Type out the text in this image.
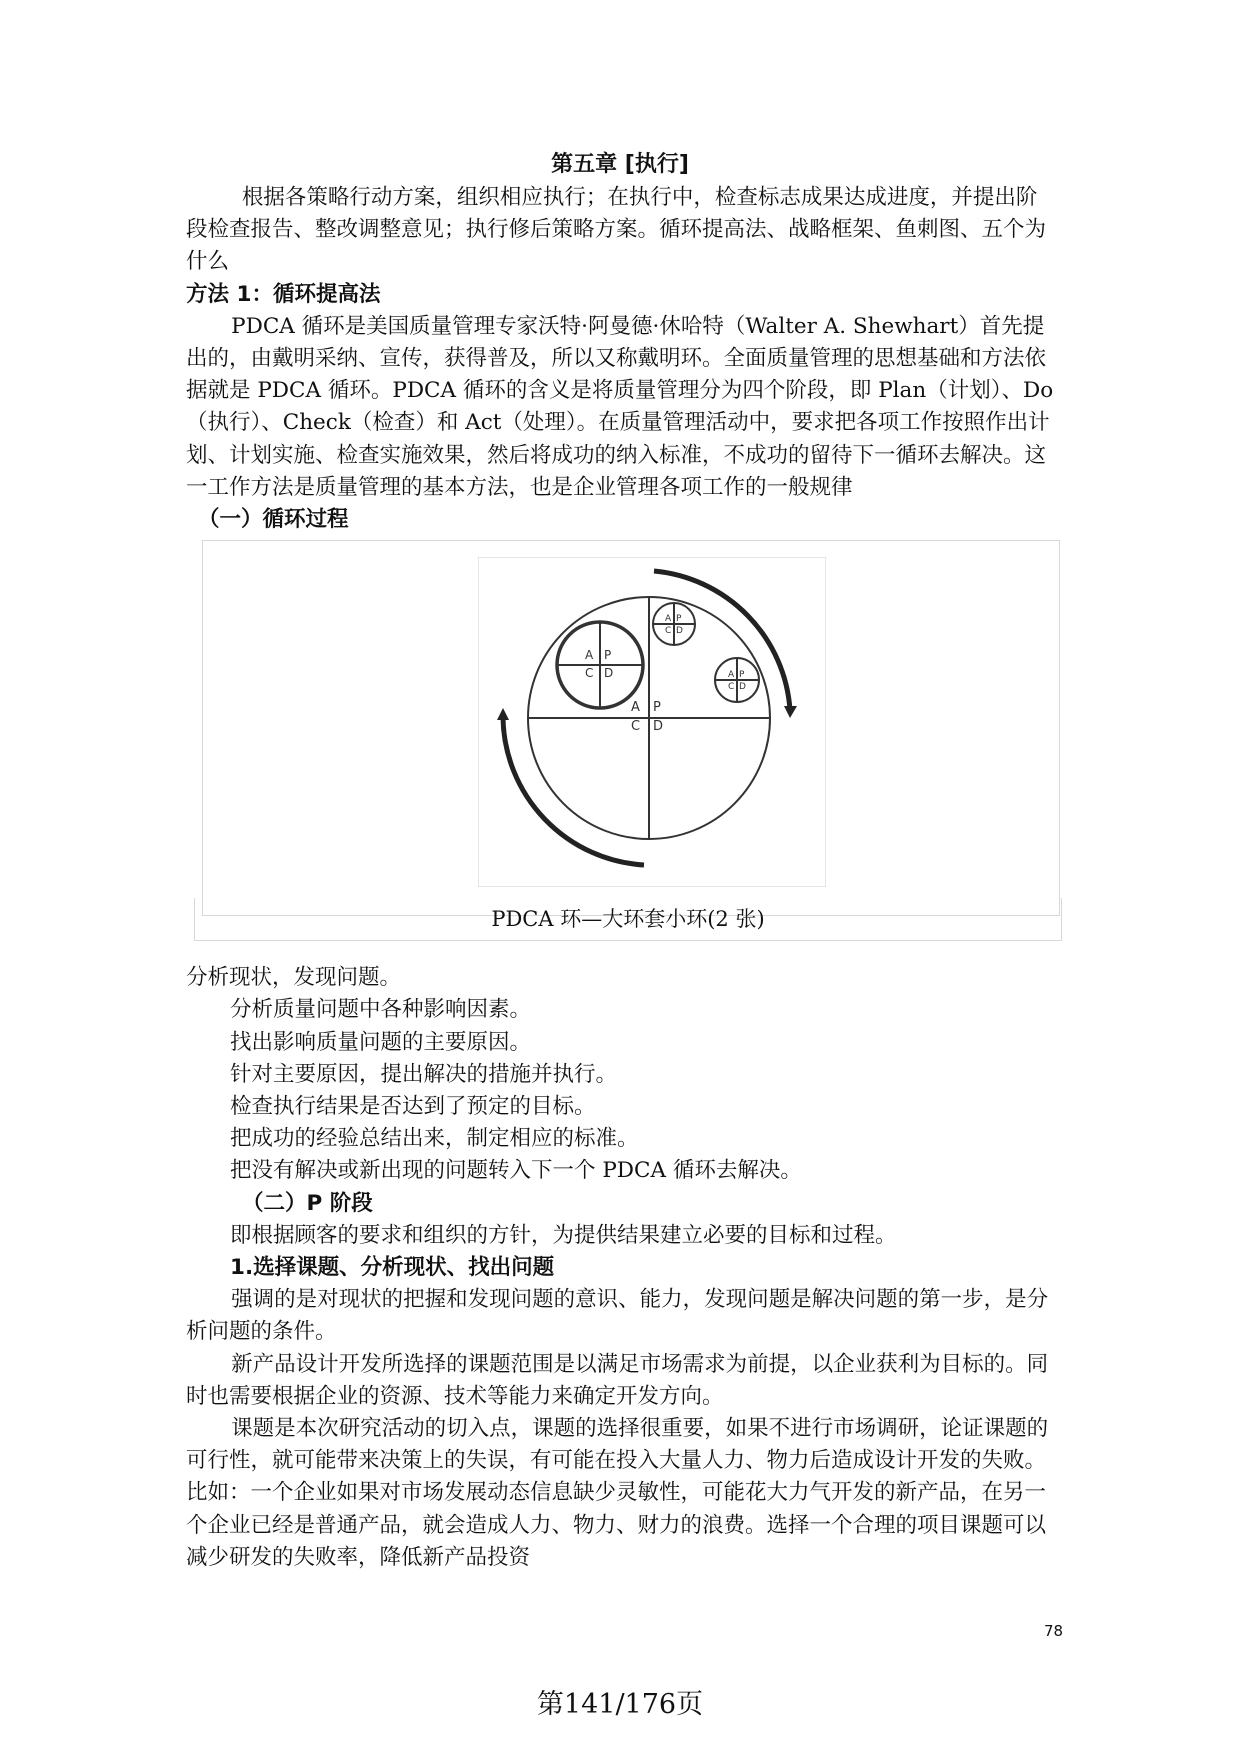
第五章 [执行]

根据各策略行动方案，组织相应执行；在执行中，检查标志成果达成进度，并提出阶段检查报告、整改调整意见；执行修后策略方案。循环提高法、战略框架、鱼刺图、五个为什么

方法 1：循环提高法

PDCA 循环是美国质量管理专家沃特·阿曼德·休哈特（Walter A. Shewhart）首先提出的，由戴明采纳、宣传，获得普及，所以又称戴明环。全面质量管理的思想基础和方法依据就是 PDCA 循环。PDCA 循环的含义是将质量管理分为四个阶段，即 Plan（计划）、Do（执行）、Check（检查）和 Act（处理）。在质量管理活动中，要求把各项工作按照作出计划、计划实施、检查实施效果，然后将成功的纳入标准，不成功的留待下一循环去解决。这一工作方法是质量管理的基本方法，也是企业管理各项工作的一般规律

（一）循环过程

A P
C D
A P
C D
A P
C D
A P
C D
PDCA 环—大环套小环(2 张)

分析现状，发现问题。

分析质量问题中各种影响因素。

找出影响质量问题的主要原因。

针对主要原因，提出解决的措施并执行。

检查执行结果是否达到了预定的目标。

把成功的经验总结出来，制定相应的标准。

把没有解决或新出现的问题转入下一个 PDCA 循环去解决。

（二）P 阶段

即根据顾客的要求和组织的方针，为提供结果建立必要的目标和过程。

1.选择课题、分析现状、找出问题

强调的是对现状的把握和发现问题的意识、能力，发现问题是解决问题的第一步，是分析问题的条件。

新产品设计开发所选择的课题范围是以满足市场需求为前提，以企业获利为目标的。同时也需要根据企业的资源、技术等能力来确定开发方向。

课题是本次研究活动的切入点，课题的选择很重要，如果不进行市场调研，论证课题的可行性，就可能带来决策上的失误，有可能在投入大量人力、物力后造成设计开发的失败。比如：一个企业如果对市场发展动态信息缺少灵敏性，可能花大力气开发的新产品，在另一个企业已经是普通产品，就会造成人力、物力、财力的浪费。选择一个合理的项目课题可以减少研发的失败率，降低新产品投资

78
第141/176页
